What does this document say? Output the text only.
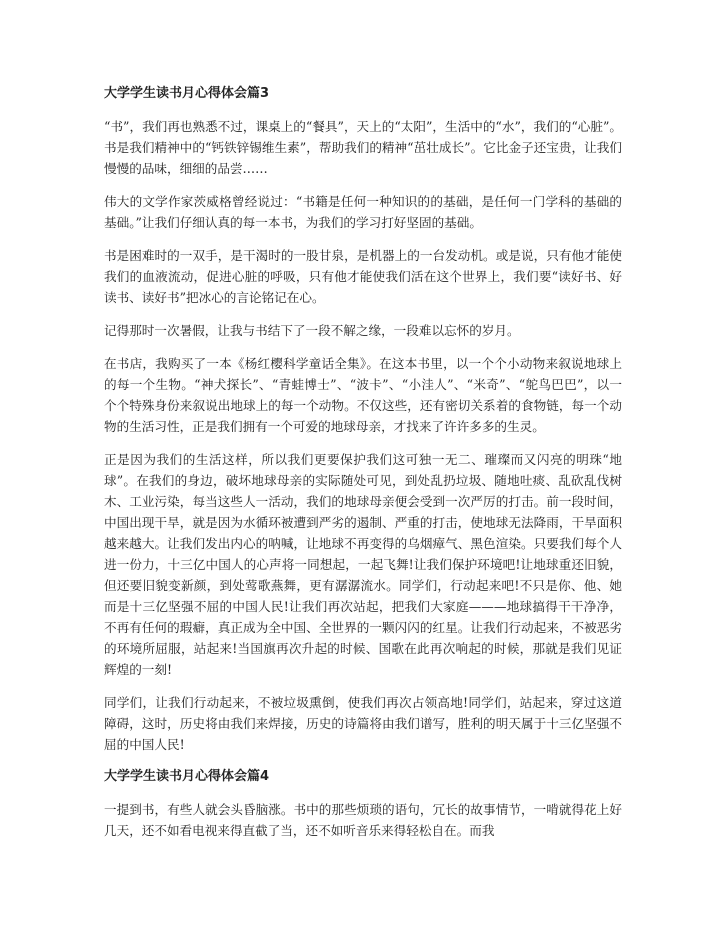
大学学生读书月心得体会篇3

“书”，我们再也熟悉不过，课桌上的“餐具”，天上的“太阳”，生活中的“水”，我们的“心脏”。书是我们精神中的“钙铁锌锡维生素”，帮助我们的精神“茁壮成长”。它比金子还宝贵，让我们慢慢的品味，细细的品尝……

伟大的文学作家茨威格曾经说过：“书籍是任何一种知识的的基础，是任何一门学科的基础的基础。”让我们仔细认真的每一本书，为我们的学习打好坚固的基础。

书是困难时的一双手，是干渴时的一股甘泉，是机器上的一台发动机。或是说，只有他才能使我们的血液流动，促进心脏的呼吸，只有他才能使我们活在这个世界上，我们要“读好书、好读书、读好书”把冰心的言论铭记在心。

记得那时一次暑假，让我与书结下了一段不解之缘，一段难以忘怀的岁月。

在书店，我购买了一本《杨红樱科学童话全集》。在这本书里，以一个个小动物来叙说地球上的每一个生物。“神犬探长”、“青蛙博士”、“波卡”、“小洼人”、“米奇”、“鸵鸟巴巴”，以一个个特殊身份来叙说出地球上的每一个动物。不仅这些，还有密切关系着的食物链，每一个动物的生活习性，正是我们拥有一个可爱的地球母亲，才找来了许许多多的生灵。

正是因为我们的生活这样，所以我们更要保护我们这可独一无二、璀璨而又闪亮的明珠“地球”。在我们的身边，破坏地球母亲的实际随处可见，到处乱扔垃圾、随地吐痰、乱砍乱伐树木、工业污染，每当这些人一活动，我们的地球母亲便会受到一次严厉的打击。前一段时间，中国出现干旱，就是因为水循环被遭到严劣的遏制、严重的打击，使地球无法降雨，干旱面积越来越大。让我们发出内心的呐喊，让地球不再变得的乌烟瘴气、黑色渲染。只要我们每个人进一份力，十三亿中国人的心声将一同想起，一起飞舞!让我们保护环境吧!让地球重还旧貌，但还要旧貌变新颜，到处莺歌燕舞，更有潺潺流水。同学们，行动起来吧!不只是你、他、她而是十三亿坚强不屈的中国人民!让我们再次站起，把我们大家庭———地球搞得干干净净，不再有任何的瑕癖，真正成为全中国、全世界的一颗闪闪的红星。让我们行动起来，不被恶劣的环境所屈服，站起来!当国旗再次升起的时候、国歌在此再次响起的时候，那就是我们见证辉煌的一刻!

同学们，让我们行动起来，不被垃圾熏倒，使我们再次占领高地!同学们，站起来，穿过这道障碍，这时，历史将由我们来焊接，历史的诗篇将由我们谱写，胜利的明天属于十三亿坚强不屈的中国人民!

大学学生读书月心得体会篇4

一提到书，有些人就会头昏脑涨。书中的那些烦琐的语句，冗长的故事情节，一啃就得花上好几天，还不如看电视来得直截了当，还不如听音乐来得轻松自在。而我
